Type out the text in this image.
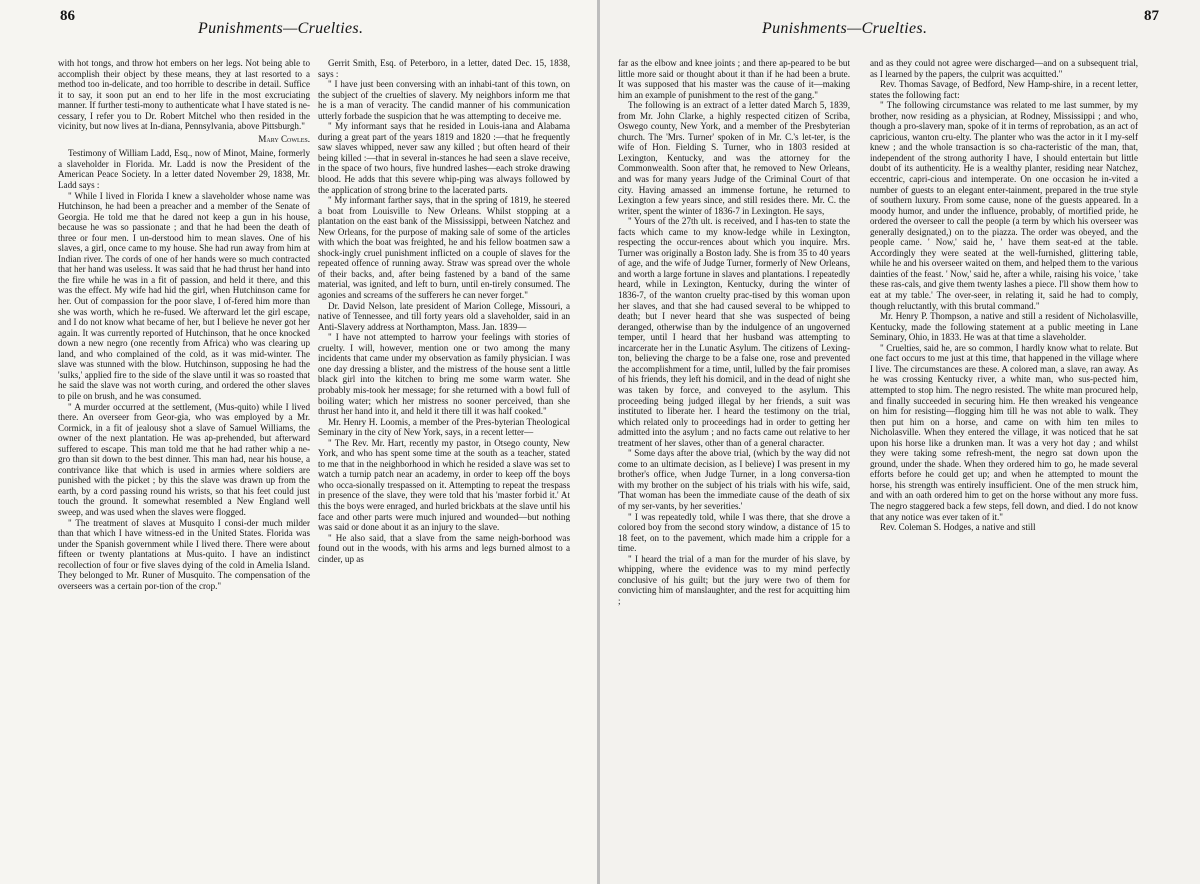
86
Punishments—Cruelties.

with hot tongs, and throw hot embers on her legs. Not being able to accomplish their object by these means, they at last resorted to a method too in-delicate, and too horrible to describe in detail. Suffice it to say, it soon put an end to her life in the most excruciating manner. If further testi-mony to authenticate what I have stated is ne-cessary, I refer you to Dr. Robert Mitchel who then resided in the vicinity, but now lives at In-diana, Pennsylvania, above Pittsburgh."

Mary Cowles.

Testimony of William Ladd, Esq., now of Minot, Maine, formerly a slaveholder in Florida. Mr. Ladd is now the President of the American Peace Society. In a letter dated November 29, 1838, Mr. Ladd says :

" While I lived in Florida I knew a slaveholder whose name was Hutchinson, he had been a preacher and a member of the Senate of Georgia. He told me that he dared not keep a gun in his house, because he was so passionate ; and that he had been the death of three or four men. I un-derstood him to mean slaves. One of his slaves, a girl, once came to my house. She had run away from him at Indian river. The cords of one of her hands were so much contracted that her hand was useless. It was said that he had thrust her hand into the fire while he was in a fit of passion, and held it there, and this was the effect. My wife had hid the girl, when Hutchinson came for her. Out of compassion for the poor slave, I of-fered him more than she was worth, which he re-fused. We afterward let the girl escape, and I do not know what became of her, but I believe he never got her again. It was currently reported of Hutchinson, that he once knocked down a new negro (one recently from Africa) who was clearing up land, and who complained of the cold, as it was mid-winter. The slave was stunned with the blow. Hutchinson, supposing he had the 'sulks,' applied fire to the side of the slave until it was so roasted that he said the slave was not worth curing, and ordered the other slaves to pile on brush, and he was consumed.

" A murder occurred at the settlement, (Mus-quito) while I lived there. An overseer from Geor-gia, who was employed by a Mr. Cormick, in a fit of jealousy shot a slave of Samuel Williams, the owner of the next plantation. He was ap-prehended, but afterward suffered to escape. This man told me that he had rather whip a ne-gro than sit down to the best dinner. This man had, near his house, a contrivance like that which is used in armies where soldiers are punished with the picket ; by this the slave was drawn up from the earth, by a cord passing round his wrists, so that his feet could just touch the ground. It somewhat resembled a New England well sweep, and was used when the slaves were flogged.

" The treatment of slaves at Musquito I consi-der much milder than that which I have witness-ed in the United States. Florida was under the Spanish government while I lived there. There were about fifteen or twenty plantations at Mus-quito. I have an indistinct recollection of four or five slaves dying of the cold in Amelia Island. They belonged to Mr. Runer of Musquito. The compensation of the overseers was a certain por-tion of the crop."

Gerrit Smith, Esq. of Peterboro, in a letter, dated Dec. 15, 1838, says :

" I have just been conversing with an inhabi-tant of this town, on the subject of the cruelties of slavery. My neighbors inform me that he is a man of veracity. The candid manner of his communication utterly forbade the suspicion that he was attempting to deceive me.

" My informant says that he resided in Louis-iana and Alabama during a great part of the years 1819 and 1820 :—that he frequently saw slaves whipped, never saw any killed ; but often heard of their being killed :—that in several in-stances he had seen a slave receive, in the space of two hours, five hundred lashes—each stroke drawing blood. He adds that this severe whip-ping was always followed by the application of strong brine to the lacerated parts.

" My informant farther says, that in the spring of 1819, he steered a boat from Louisville to New Orleans. Whilst stopping at a plantation on the east bank of the Mississippi, between Natchez and New Orleans, for the purpose of making sale of some of the articles with which the boat was freighted, he and his fellow boatmen saw a shock-ingly cruel punishment inflicted on a couple of slaves for the repeated offence of running away. Straw was spread over the whole of their backs, and, after being fastened by a band of the same material, was ignited, and left to burn, until en-tirely consumed. The agonies and screams of the sufferers he can never forget."

Dr. David Nelson, late president of Marion College, Missouri, a native of Tennessee, and till forty years old a slaveholder, said in an Anti-Slavery address at Northampton, Mass. Jan. 1839—

" I have not attempted to harrow your feelings with stories of cruelty. I will, however, mention one or two among the many incidents that came under my observation as family physician. I was one day dressing a blister, and the mistress of the house sent a little black girl into the kitchen to bring me some warm water. She probably mis-took her message; for she returned with a bowl full of boiling water; which her mistress no sooner perceived, than she thrust her hand into it, and held it there till it was half cooked."

Mr. Henry H. Loomis, a member of the Pres-byterian Theological Seminary in the city of New York, says, in a recent letter—

" The Rev. Mr. Hart, recently my pastor, in Otsego county, New York, and who has spent some time at the south as a teacher, stated to me that in the neighborhood in which he resided a slave was set to watch a turnip patch near an academy, in order to keep off the boys who occa-sionally trespassed on it. Attempting to repeat the trespass in presence of the slave, they were told that his 'master forbid it.' At this the boys were enraged, and hurled brickbats at the slave until his face and other parts were much injured and wounded—but nothing was said or done about it as an injury to the slave.

" He also said, that a slave from the same neigh-borhood was found out in the woods, with his arms and legs burned almost to a cinder, up as

Punishments—Cruelties.
87

far as the elbow and knee joints ; and there ap-peared to be but little more said or thought about it than if he had been a brute. It was supposed that his master was the cause of it—making him an example of punishment to the rest of the gang."

The following is an extract of a letter dated March 5, 1839, from Mr. John Clarke, a highly respected citizen of Scriba, Oswego county, New York, and a member of the Presbyterian church. The 'Mrs. Turner' spoken of in Mr. C.'s let-ter, is the wife of Hon. Fielding S. Turner, who in 1803 resided at Lexington, Kentucky, and was the attorney for the Commonwealth. Soon after that, he removed to New Orleans, and was for many years Judge of the Criminal Court of that city. Having amassed an immense fortune, he returned to Lexington a few years since, and still resides there. Mr. C. the writer, spent the winter of 1836-7 in Lexington. He says,

" Yours of the 27th ult. is received, and I has-ten to state the facts which came to my know-ledge while in Lexington, respecting the occur-rences about which you inquire. Mrs. Turner was originally a Boston lady. She is from 35 to 40 years of age, and the wife of Judge Turner, formerly of New Orleans, and worth a large fortune in slaves and plantations. I repeatedly heard, while in Lexington, Kentucky, during the winter of 1836-7, of the wanton cruelty prac-tised by this woman upon her slaves, and that she had caused several to be whipped to death; but I never heard that she was suspected of being deranged, otherwise than by the indulgence of an ungoverned temper, until I heard that her husband was attempting to incarcerate her in the Lunatic Asylum. The citizens of Lexing-ton, believing the charge to be a false one, rose and prevented the accomplishment for a time, until, lulled by the fair promises of his friends, they left his domicil, and in the dead of night she was taken by force, and conveyed to the asylum. This proceeding being judged illegal by her friends, a suit was instituted to liberate her. I heard the testimony on the trial, which related only to proceedings had in order to getting her admitted into the asylum ; and no facts came out relative to her treatment of her slaves, other than of a general character.

" Some days after the above trial, (which by the way did not come to an ultimate decision, as I believe) I was present in my brother's office, when Judge Turner, in a long conversa-tion with my brother on the subject of his trials with his wife, said, 'That woman has been the immediate cause of the death of six of my ser-vants, by her severities.'

" I was repeatedly told, while I was there, that she drove a colored boy from the second story window, a distance of 15 to 18 feet, on to the pavement, which made him a cripple for a time.

" I heard the trial of a man for the murder of his slave, by whipping, where the evidence was to my mind perfectly conclusive of his guilt; but the jury were two of them for convicting him of manslaughter, and the rest for acquitting him ;

and as they could not agree were discharged—and on a subsequent trial, as I learned by the papers, the culprit was acquitted."

Rev. Thomas Savage, of Bedford, New Hamp-shire, in a recent letter, states the following fact:

" The following circumstance was related to me last summer, by my brother, now residing as a physician, at Rodney, Mississippi ; and who, though a pro-slavery man, spoke of it in terms of reprobation, as an act of capricious, wanton cru-elty. The planter who was the actor in it I my-self knew ; and the whole transaction is so cha-racteristic of the man, that, independent of the strong authority I have, I should entertain but little doubt of its authenticity. He is a wealthy planter, residing near Natchez, eccentric, capri-cious and intemperate. On one occasion he in-vited a number of guests to an elegant enter-tainment, prepared in the true style of southern luxury. From some cause, none of the guests appeared. In a moody humor, and under the influence, probably, of mortified pride, he ordered the overseer to call the people (a term by which his overseer was generally designated,) on to the piazza. The order was obeyed, and the people came. ' Now,' said he, ' have them seat-ed at the table. Accordingly they were seated at the well-furnished, glittering table, while he and his overseer waited on them, and helped them to the various dainties of the feast. ' Now,' said he, after a while, raising his voice, ' take these ras-cals, and give them twenty lashes a piece. I'll show them how to eat at my table.' The over-seer, in relating it, said he had to comply, though reluctantly, with this brutal command."

Mr. Henry P. Thompson, a native and still a resident of Nicholasville, Kentucky, made the following statement at a public meeting in Lane Seminary, Ohio, in 1833. He was at that time a slaveholder.

" Cruelties, said he, are so common, I hardly know what to relate. But one fact occurs to me just at this time, that happened in the village where I live. The circumstances are these. A colored man, a slave, ran away. As he was crossing Kentucky river, a white man, who sus-pected him, attempted to stop him. The negro resisted. The white man procured help, and finally succeeded in securing him. He then wreaked his vengeance on him for resisting—flogging him till he was not able to walk. They then put him on a horse, and came on with him ten miles to Nicholasville. When they entered the village, it was noticed that he sat upon his horse like a drunken man. It was a very hot day ; and whilst they were taking some refresh-ment, the negro sat down upon the ground, under the shade. When they ordered him to go, he made several efforts before he could get up; and when he attempted to mount the horse, his strength was entirely insufficient. One of the men struck him, and with an oath ordered him to get on the horse without any more fuss. The negro staggered back a few steps, fell down, and died. I do not know that any notice was ever taken of it."

Rev. Coleman S. Hodges, a native and still
